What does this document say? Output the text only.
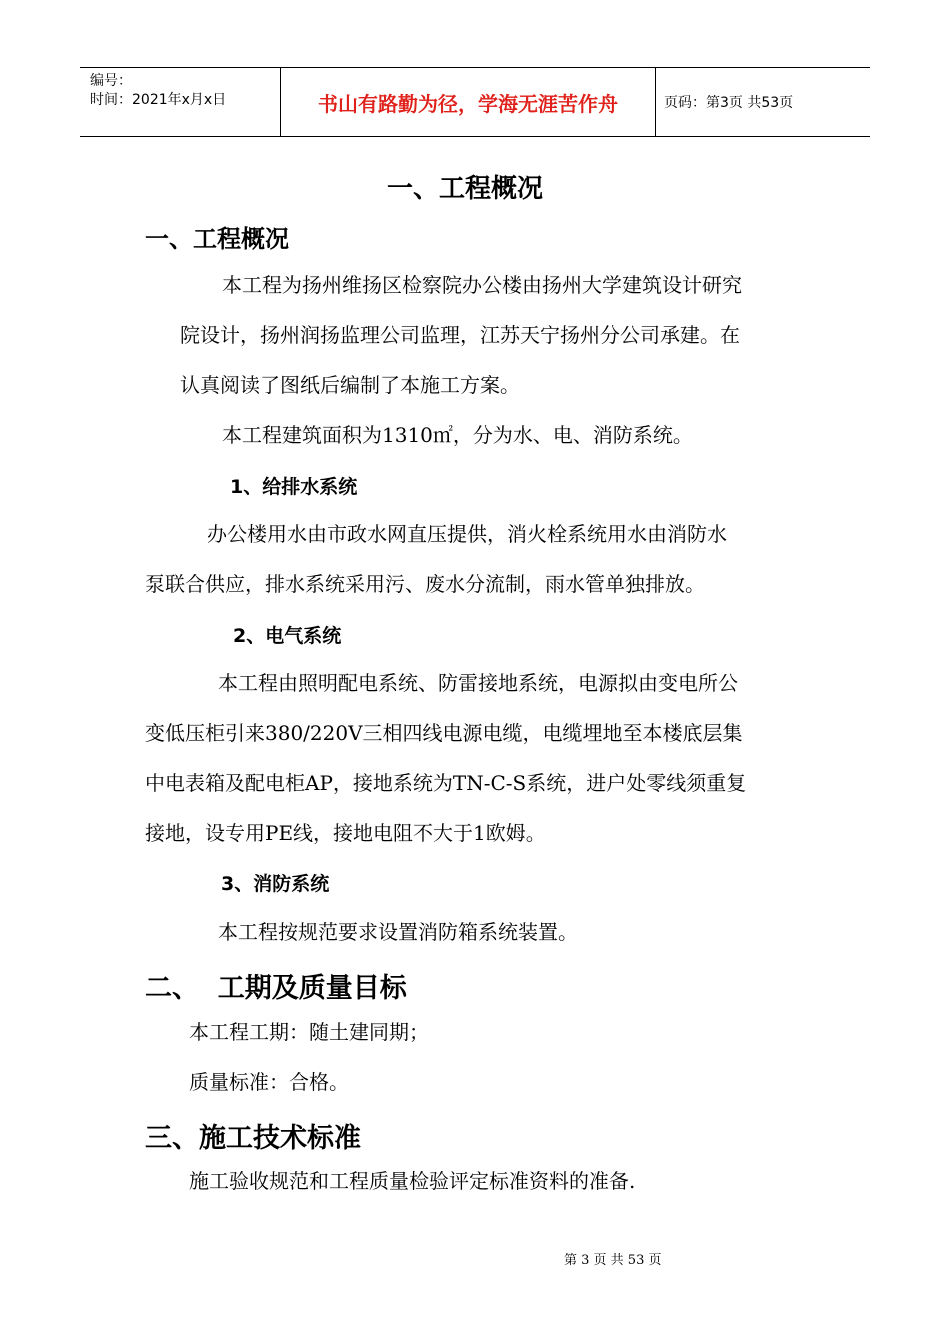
编号：
时间：2021年x月x日	书山有路勤为径，学海无涯苦作舟	页码：第3页 共53页
一、工程概况
一、工程概况
本工程为扬州维扬区检察院办公楼由扬州大学建筑设计研究
院设计，扬州润扬监理公司监理，江苏天宁扬州分公司承建。在
认真阅读了图纸后编制了本施工方案。
本工程建筑面积为1310㎡，分为水、电、消防系统。
1、给排水系统
办公楼用水由市政水网直压提供，消火栓系统用水由消防水
泵联合供应，排水系统采用污、废水分流制，雨水管单独排放。
2、电气系统
本工程由照明配电系统、防雷接地系统，电源拟由变电所公
变低压柜引来380/220V三相四线电源电缆，电缆埋地至本楼底层集
中电表箱及配电柜AP，接地系统为TN-C-S系统，进户处零线须重复
接地，设专用PE线，接地电阻不大于1欧姆。
3、消防系统
本工程按规范要求设置消防箱系统装置。
二、  工期及质量目标
本工程工期：随土建同期；
质量标准：合格。
三、施工技术标准
施工验收规范和工程质量检验评定标准资料的准备.
第 3 页 共 53 页
